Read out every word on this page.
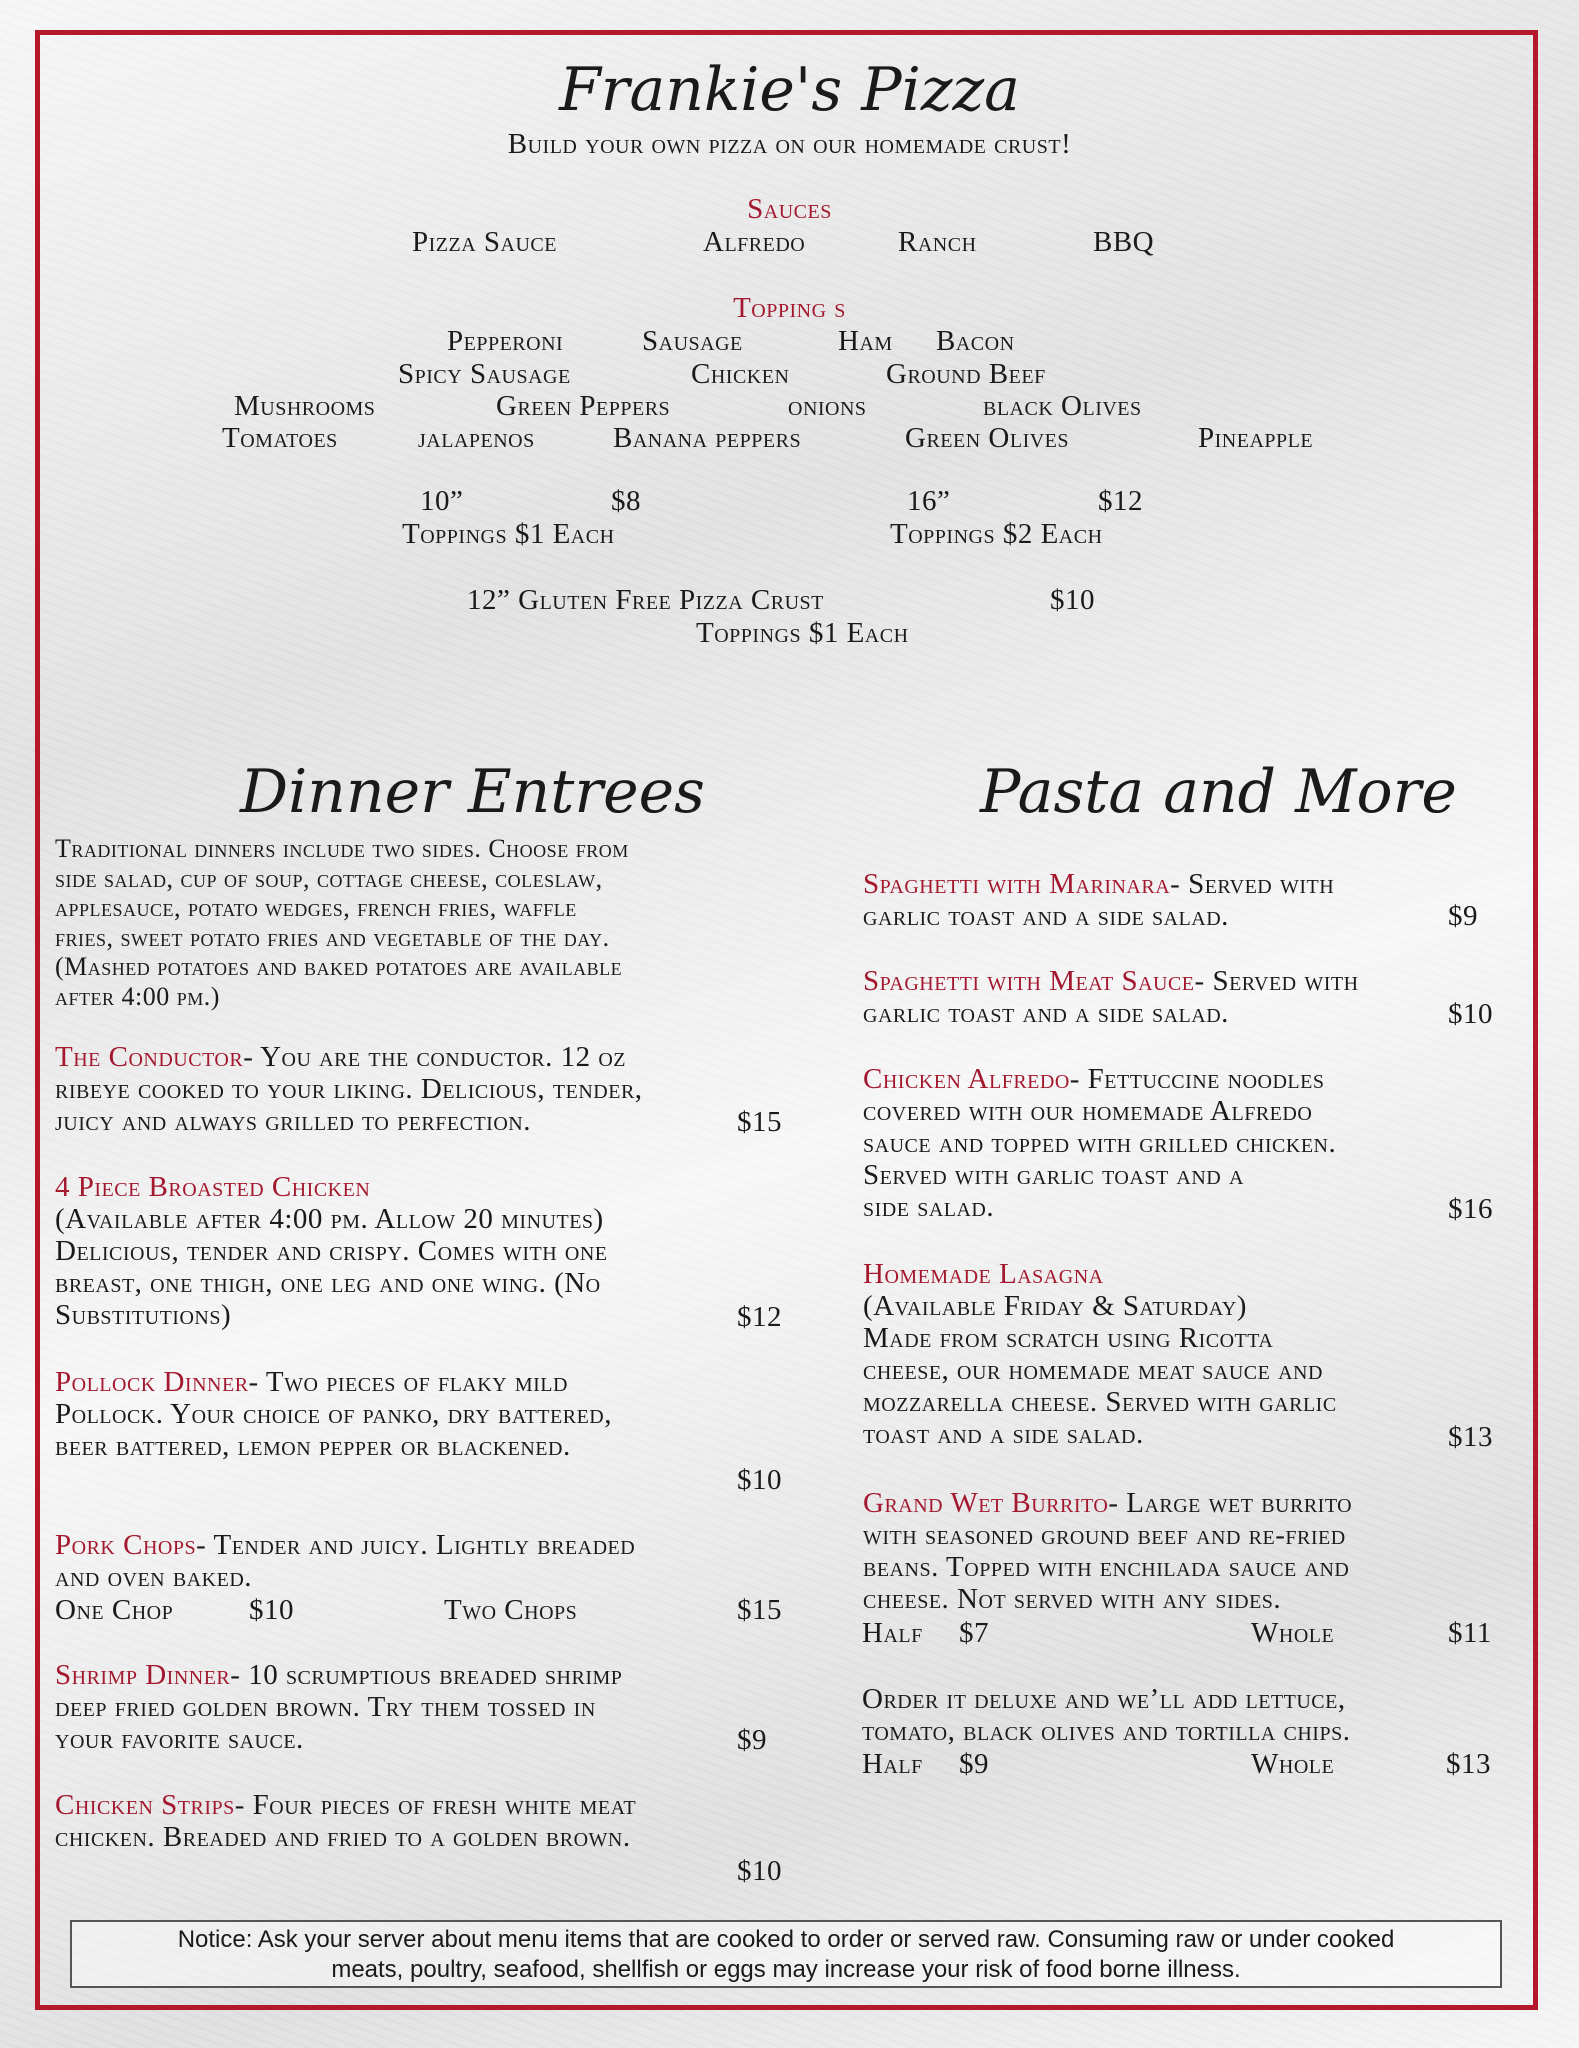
Frankie's Pizza
Build your own pizza on our homemade crust!
Sauces
Pizza Sauce	Alfredo	Ranch	BBQ
Topping s
Pepperoni	Sausage	Ham Bacon
Spicy Sausage	Chicken	Ground Beef
Mushrooms	Green Peppers	onions	black Olives
Tomatoes	jalapenos	Banana peppers	Green Olives	Pineapple
10”	$8
Toppings $1 Each
16”	$12
Toppings $2 Each
12” Gluten Free Pizza Crust	$10
Toppings $1 Each
Dinner Entrees	Pasta and More
Traditional dinners include two sides. Choose from
side salad, cup of soup, cottage cheese, coleslaw,
applesauce, potato wedges, french fries, waffle
fries, sweet potato fries and vegetable of the day.
(Mashed potatoes and baked potatoes are available
after 4:00 pm.)
The Conductor- You are the conductor. 12 oz
ribeye cooked to your liking. Delicious, tender,
juicy and always grilled to perfection.	$15
4 Piece Broasted Chicken
(Available after 4:00 pm. Allow 20 minutes)
Delicious, tender and crispy. Comes with one
breast, one thigh, one leg and one wing. (No
Substitutions)	$12
Pollock Dinner- Two pieces of flaky mild
Pollock. Your choice of panko, dry battered,
beer battered, lemon pepper or blackened.
$10
Pork Chops- Tender and juicy. Lightly breaded
and oven baked.
One Chop	$10	Two Chops	$15
Shrimp Dinner- 10 scrumptious breaded shrimp
deep fried golden brown. Try them tossed in
your favorite sauce.	$9
Chicken Strips- Four pieces of fresh white meat
chicken. Breaded and fried to a golden brown.
$10
Spaghetti with Marinara- Served with
garlic toast and a side salad.	$9
Spaghetti with Meat Sauce- Served with
garlic toast and a side salad.	$10
Chicken Alfredo- Fettuccine noodles
covered with our homemade Alfredo
sauce and topped with grilled chicken.
Served with garlic toast and a
side salad.	$16
Homemade Lasagna
(Available Friday & Saturday)
Made from scratch using Ricotta
cheese, our homemade meat sauce and
mozzarella cheese. Served with garlic
toast and a side salad.	$13
Grand Wet Burrito- Large wet burrito
with seasoned ground beef and re-fried
beans. Topped with enchilada sauce and
cheese. Not served with any sides.
Half $7	Whole	$11
Order it deluxe and we’ll add lettuce,
tomato, black olives and tortilla chips.
Half $9	Whole	$13
Notice: Ask your server about menu items that are cooked to order or served raw. Consuming raw or under cooked
meats, poultry, seafood, shellfish or eggs may increase your risk of food borne illness.
